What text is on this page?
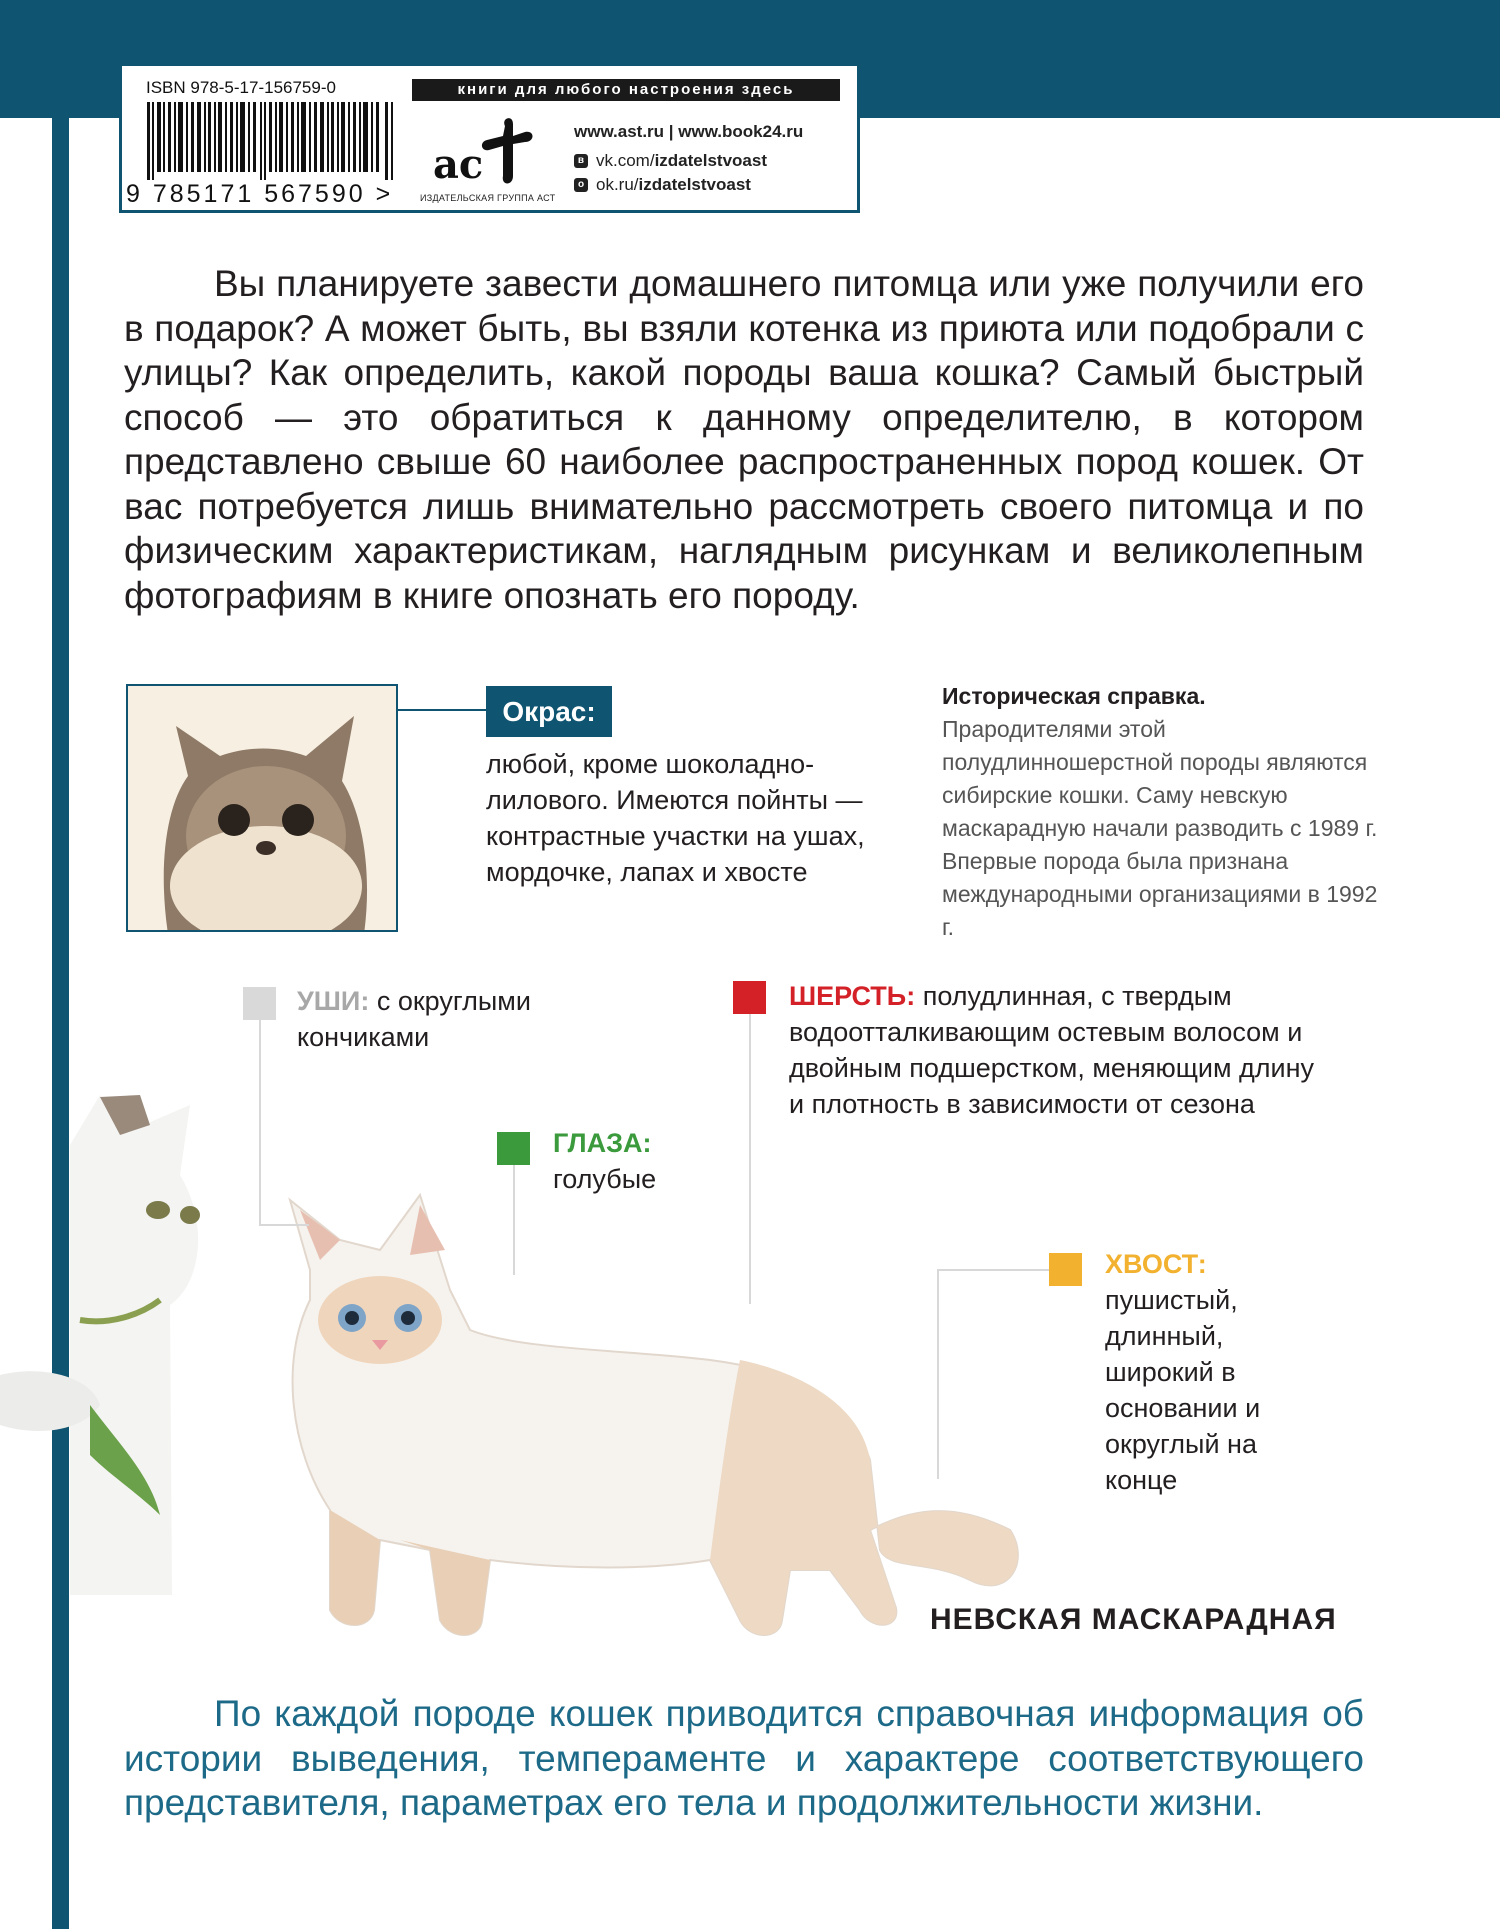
ISBN 978-5-17-156759-0
9 785171 567590 >
книги для любого настроения здесь
ac
ИЗДАТЕЛЬСКАЯ ГРУППА АСТ
www.ast.ru | www.book24.ru
в vk.com/ izdatelstvoast
о ok.ru/ izdatelstvoast
Вы планируете завести домашнего питомца или уже получили его в подарок? А может быть, вы взяли котенка из приюта или подобрали с улицы? Как определить, какой породы ваша кошка? Самый быстрый способ — это обратиться к данному определителю, в котором представлено свыше 60 наиболее распространенных пород кошек. От вас потребуется лишь внимательно рассмотреть своего питомца и по физическим характеристикам, наглядным рисункам и великолепным фотографиям в книге опознать его породу.
Окрас:
любой, кроме шоколадно-лилового. Имеются пойнты — контрастные участки на ушах, мордочке, лапах и хвосте
Историческая справка.
Прародителями этой полудлинношерстной породы являются сибирские кошки. Саму невскую маскарадную начали разводить с 1989 г. Впервые порода была признана международными организациями в 1992 г.
УШИ: с округлыми кончиками
ГЛАЗА:
голубые
ШЕРСТЬ: полудлинная, с твердым водоотталкивающим остевым волосом и двойным подшерстком, меняющим длину и плотность в зависимости от сезона
ХВОСТ:
пушистый, длинный, широкий в основании и округлый на конце
НЕВСКАЯ МАСКАРАДНАЯ
По каждой породе кошек приводится справочная информация об истории выведения, темпераменте и характере соответствующего представителя, параметрах его тела и продолжительности жизни.
